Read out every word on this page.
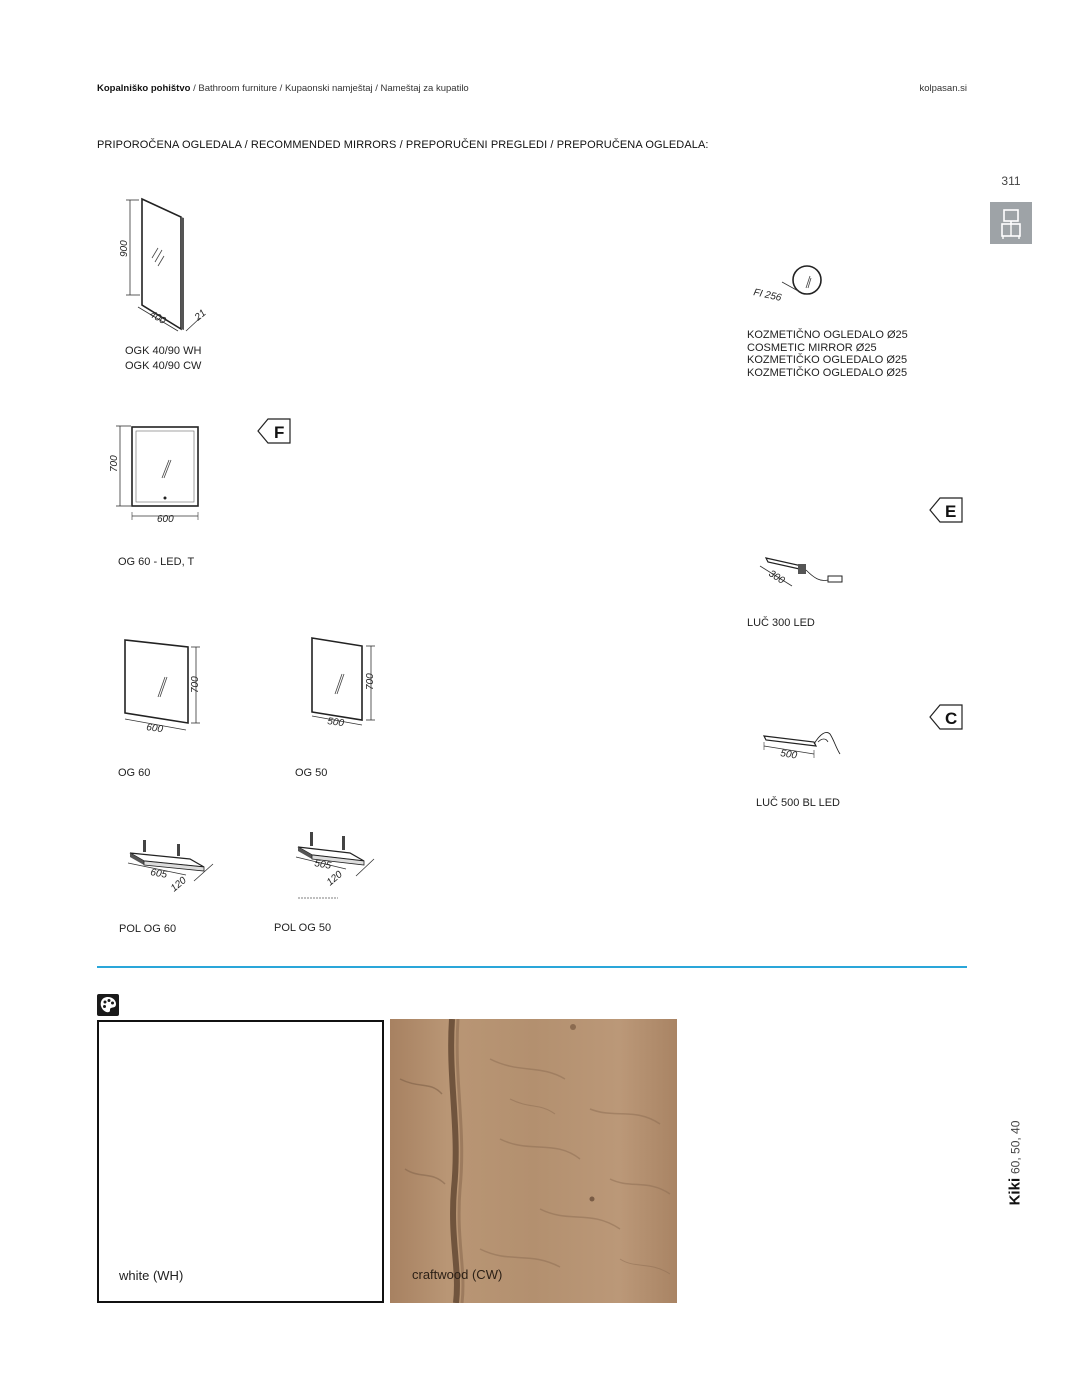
Kopalniško pohištvo / Bathroom furniture / Kupaonski namještaj / Nameštaj za kupatilo	kolpasan.si
PRIPOROČENA OGLEDALA / RECOMMENDED MIRRORS / PREPORUČENI PREGLEDI / PREPORUČENA OGLEDALA:
311
900
400	21
OGK 40/90 WH
OGK 40/90 CW
700
600
OG 60 - LED, T
F
700
600
OG 60
700
500
OG 50
605
120
POL OG 60
505
120
POL OG 50
FI 256
KOZMETIČNO OGLEDALO Ø25
COSMETIC MIRROR Ø25
KOZMETIČKO OGLEDALO Ø25
KOZMETIČKO OGLEDALO Ø25
E
300
LUČ 300 LED
C
500
LUČ 500 BL LED
white (WH)	craftwood (CW)
Kiki 60, 50, 40
